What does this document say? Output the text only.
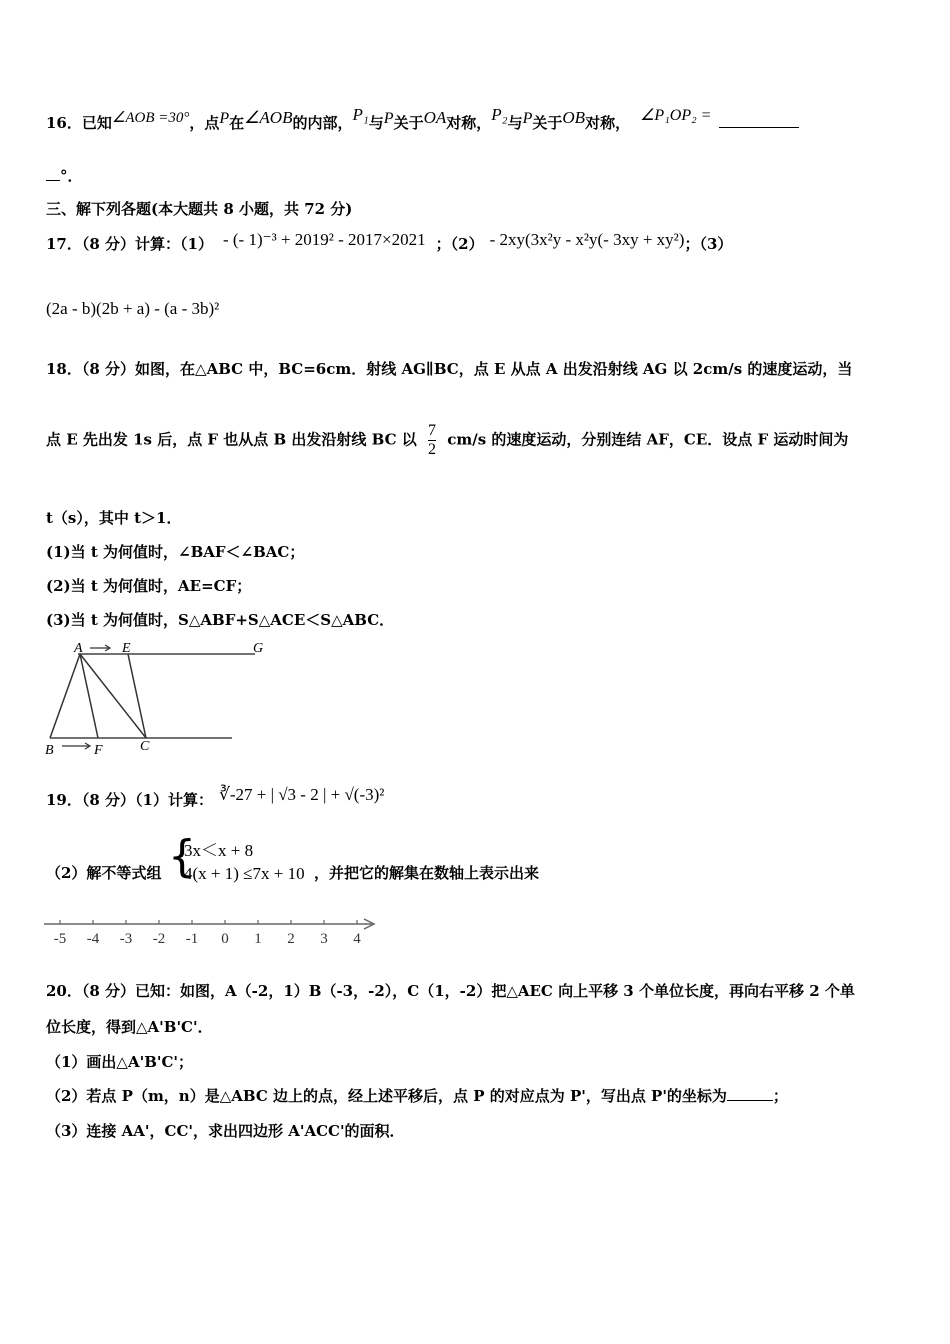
16．已知∠AOB =30°，点P在∠AOB的内部，P₁与P关于OA对称，P₂与P关于OB对称， ∠P₁OP₂ =
°．
三、解下列各题(本大题共 8 小题，共 72 分)
17．（8 分）计算：（1） - (- 1)⁻³ + 2019² - 2017×2021 ；（2） - 2xy(3x²y - x²y(- 3xy + xy²)；（3）
(2a - b)(2b + a) - (a - 3b)²
18．（8 分）如图，在△ABC 中，BC=6cm．射线 AG∥BC，点 E 从点 A 出发沿射线 AG 以 2cm/s 的速度运动，当
点 E 先出发 1s 后，点 F 也从点 B 出发沿射线 BC 以 $\frac{7}{2} cm/s$ 的速度运动，分别连结 AF，CE．设点 F 运动时间为
t（s），其中 t＞1．
(1)当 t 为何值时，∠BAF＜∠BAC；
(2)当 t 为何值时，AE=CF；
(3)当 t 为何值时，S△ABF+S△ACE＜S△ABC．
A	E	G
B	F	C
19．（8 分）（1）计算： ∛-27 + | √3 - 2 | + √(-3)²
（2）解不等式组 {
3x＜x + 8
4(x + 1) ≤7x + 10 ，并把它的解集在数轴上表示出来
-5 -4 -3 -2 -1 0 1 2 3 4
20．（8 分）已知：如图，A（-2，1）B（-3，-2），C（1，-2）把△AEC 向上平移 3 个单位长度，再向右平移 2 个单
位长度，得到△A'B'C'．
（1）画出△A'B'C'；
（2）若点 P（m，n）是△ABC 边上的点，经上述平移后，点 P 的对应点为 P'，写出点 P'的坐标为	；
（3）连接 AA'，CC'，求出四边形 A'ACC'的面积．
